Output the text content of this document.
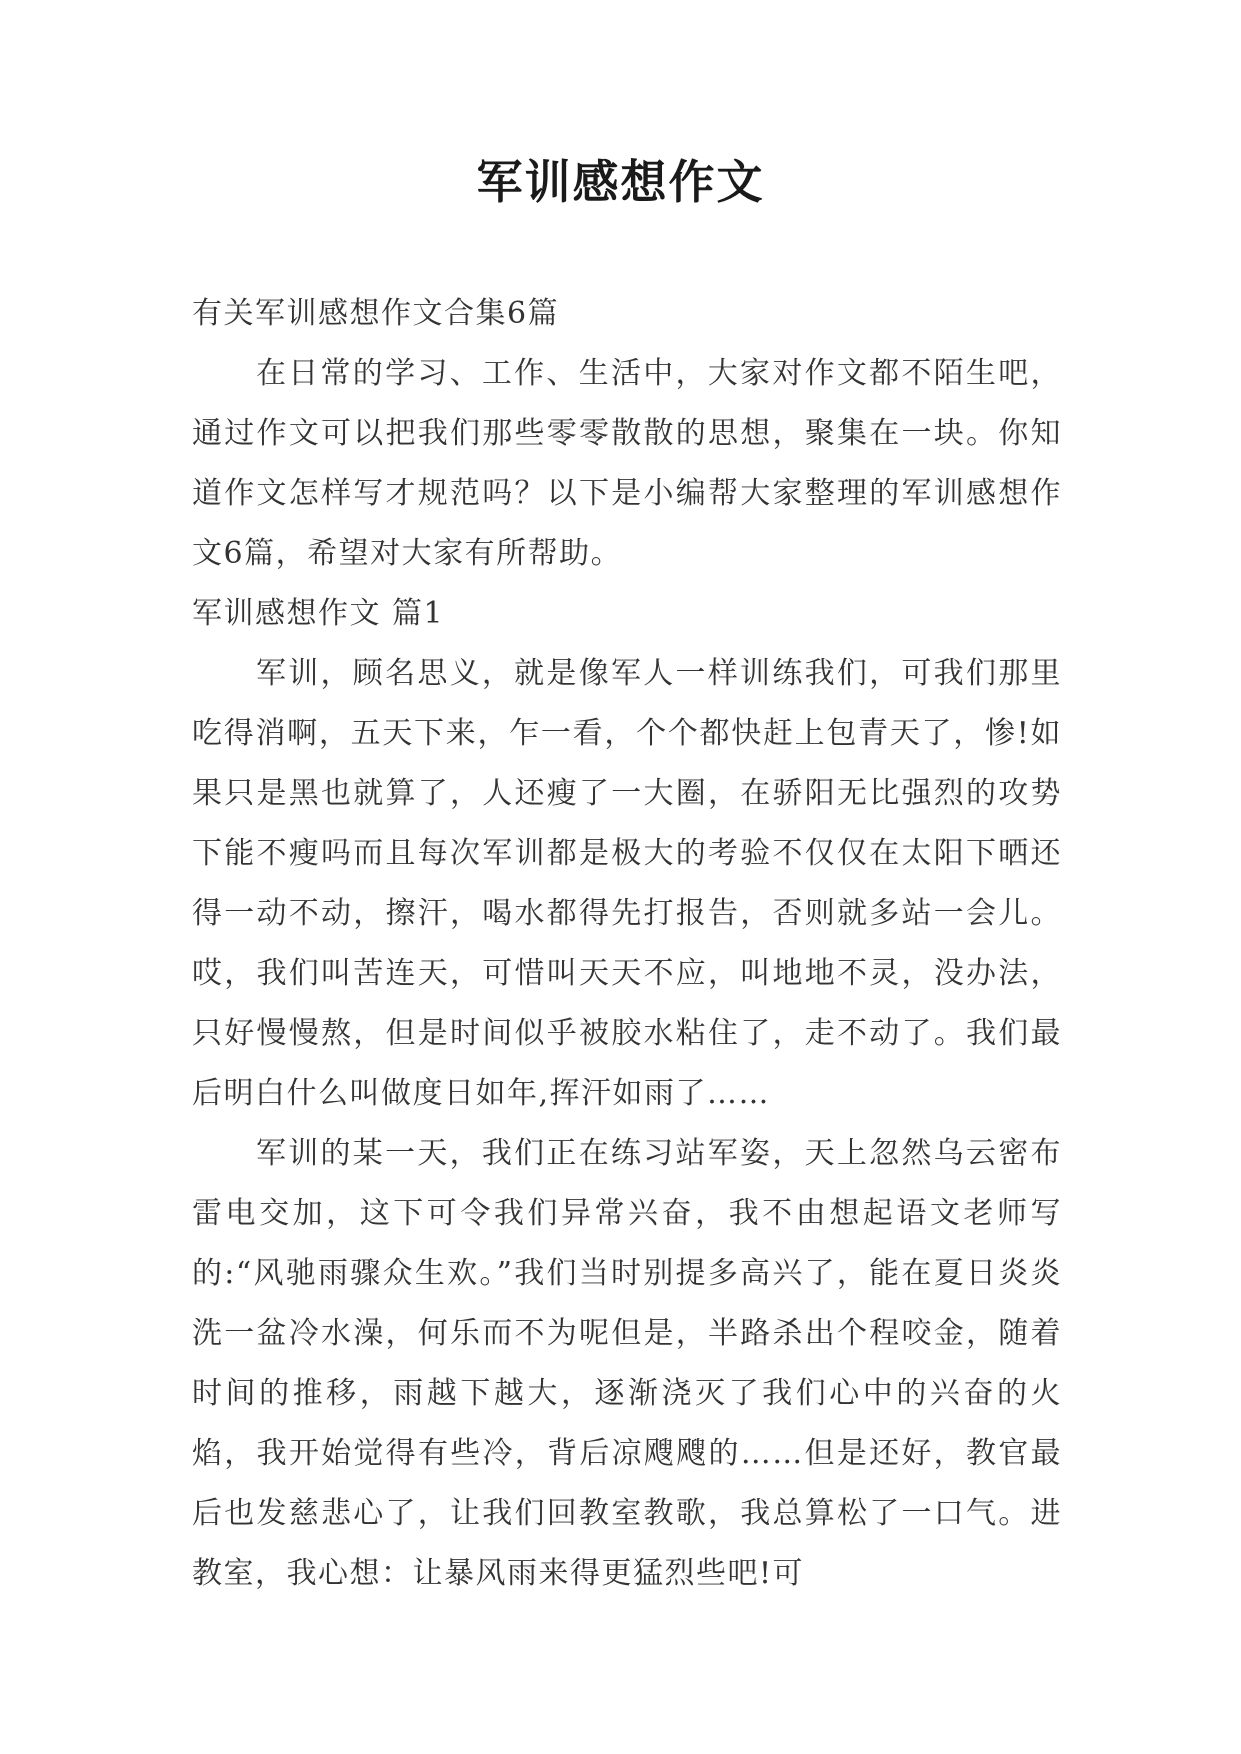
军训感想作文

有关军训感想作文合集6篇

在日常的学习、工作、生活中，大家对作文都不陌生吧，通过作文可以把我们那些零零散散的思想，聚集在一块。你知道作文怎样写才规范吗？以下是小编帮大家整理的军训感想作文6篇，希望对大家有所帮助。

军训感想作文 篇1

军训，顾名思义，就是像军人一样训练我们，可我们那里吃得消啊，五天下来，乍一看，个个都快赶上包青天了，惨!如果只是黑也就算了，人还瘦了一大圈，在骄阳无比强烈的攻势下能不瘦吗而且每次军训都是极大的考验不仅仅在太阳下晒还得一动不动，擦汗，喝水都得先打报告，否则就多站一会儿。哎，我们叫苦连天，可惜叫天天不应，叫地地不灵，没办法，只好慢慢熬，但是时间似乎被胶水粘住了，走不动了。我们最后明白什么叫做度日如年,挥汗如雨了……

军训的某一天，我们正在练习站军姿，天上忽然乌云密布雷电交加，这下可令我们异常兴奋，我不由想起语文老师写的:“风驰雨骤众生欢。”我们当时别提多高兴了，能在夏日炎炎洗一盆冷水澡，何乐而不为呢但是，半路杀出个程咬金，随着时间的推移，雨越下越大，逐渐浇灭了我们心中的兴奋的火焰，我开始觉得有些冷，背后凉飕飕的……但是还好，教官最后也发慈悲心了，让我们回教室教歌，我总算松了一口气。进教室，我心想：让暴风雨来得更猛烈些吧!可
